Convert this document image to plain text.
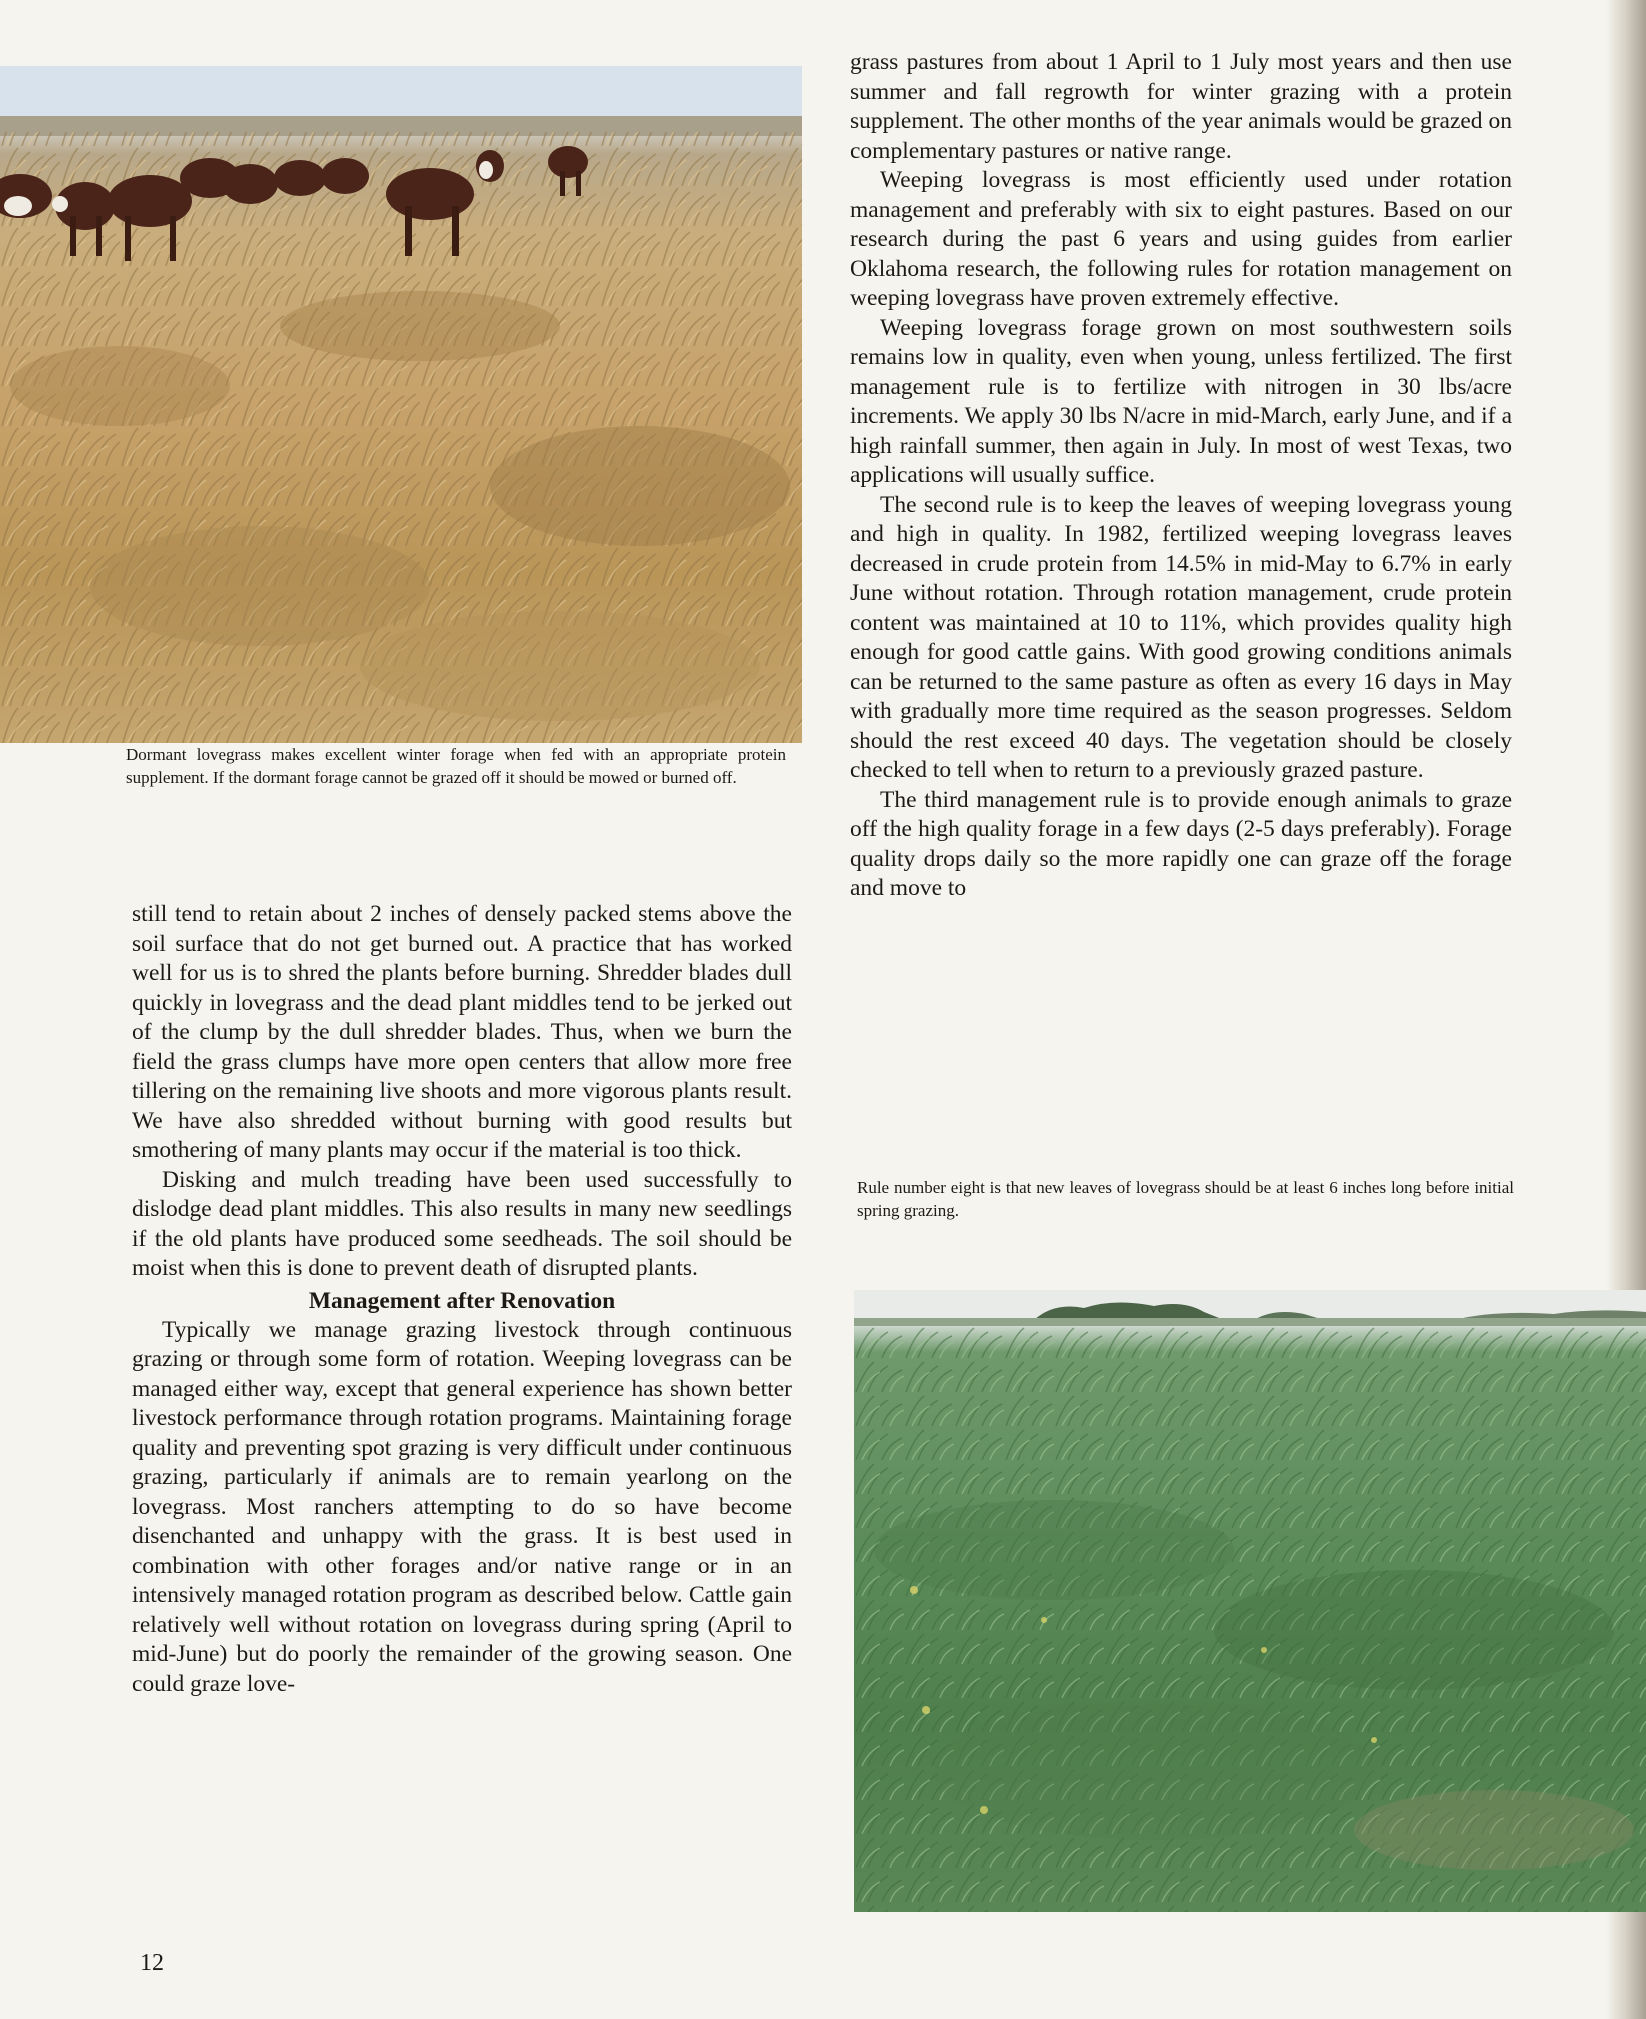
Dormant lovegrass makes excellent winter forage when fed with an appropriate protein supplement. If the dormant forage cannot be grazed off it should be mowed or burned off.

still tend to retain about 2 inches of densely packed stems above the soil surface that do not get burned out. A practice that has worked well for us is to shred the plants before burning. Shredder blades dull quickly in lovegrass and the dead plant middles tend to be jerked out of the clump by the dull shredder blades. Thus, when we burn the field the grass clumps have more open centers that allow more free tillering on the remaining live shoots and more vigorous plants result. We have also shredded without burning with good results but smothering of many plants may occur if the material is too thick.

Disking and mulch treading have been used successfully to dislodge dead plant middles. This also results in many new seedlings if the old plants have produced some seedheads. The soil should be moist when this is done to prevent death of disrupted plants.

Management after Renovation

Typically we manage grazing livestock through continuous grazing or through some form of rotation. Weeping lovegrass can be managed either way, except that general experience has shown better livestock performance through rotation programs. Maintaining forage quality and preventing spot grazing is very difficult under continuous grazing, particularly if animals are to remain yearlong on the lovegrass. Most ranchers attempting to do so have become disenchanted and unhappy with the grass. It is best used in combination with other forages and/or native range or in an intensively managed rotation program as described below. Cattle gain relatively well without rotation on lovegrass during spring (April to mid-June) but do poorly the remainder of the growing season. One could graze love-

grass pastures from about 1 April to 1 July most years and then use summer and fall regrowth for winter grazing with a protein supplement. The other months of the year animals would be grazed on complementary pastures or native range.

Weeping lovegrass is most efficiently used under rotation management and preferably with six to eight pastures. Based on our research during the past 6 years and using guides from earlier Oklahoma research, the following rules for rotation management on weeping lovegrass have proven extremely effective.

Weeping lovegrass forage grown on most southwestern soils remains low in quality, even when young, unless fertilized. The first management rule is to fertilize with nitrogen in 30 lbs/acre increments. We apply 30 lbs N/acre in mid-March, early June, and if a high rainfall summer, then again in July. In most of west Texas, two applications will usually suffice.

The second rule is to keep the leaves of weeping lovegrass young and high in quality. In 1982, fertilized weeping lovegrass leaves decreased in crude protein from 14.5% in mid-May to 6.7% in early June without rotation. Through rotation management, crude protein content was maintained at 10 to 11%, which provides quality high enough for good cattle gains. With good growing conditions animals can be returned to the same pasture as often as every 16 days in May with gradually more time required as the season progresses. Seldom should the rest exceed 40 days. The vegetation should be closely checked to tell when to return to a previously grazed pasture.

The third management rule is to provide enough animals to graze off the high quality forage in a few days (2-5 days preferably). Forage quality drops daily so the more rapidly one can graze off the forage and move to

Rule number eight is that new leaves of lovegrass should be at least 6 inches long before initial spring grazing.
12
